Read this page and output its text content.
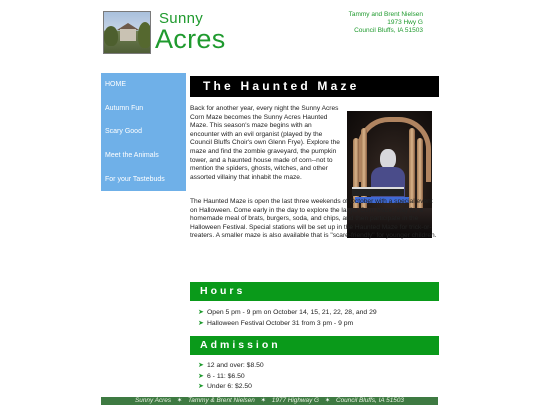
Sunny
Acres
Tammy and Brent Nielsen
1973 Hwy G
Council Bluffs, IA 51503
HOME
Autumn Fun
Scary Good
Meet the Animals
For your Tastebuds
The Haunted Maze
Back for another year, every night the Sunny Acres Corn Maze becomes the Sunny Acres Haunted Maze. This season's maze begins with an encounter with an evil organist (played by the Council Bluffs Choir's own Glenn Frye). Explore the maze and find the zombie graveyard, the pumpkin tower, and a haunted house made of corn--not to mention the spiders, ghosts, witches, and other assorted villainy that inhabit the maze.
The Haunted Maze is open the last three weekends of October with a special event on Halloween. Come early in the day to explore the larger Corn Maze, stay for a homemade meal of brats, burgers, soda, and chips, and then participate in the Halloween Festival. Special stations will be set up in the Haunted Maze for trick-or-treaters. A smaller maze is also available that is "scare-friendly" for younger children.
Hours
➤ Open 5 pm - 9 pm on October 14, 15, 21, 22, 28, and 29
➤ Halloween Festival October 31 from 3 pm - 9 pm
Admission
➤ 12 and over: $8.50
➤ 6 - 11: $6.50
➤ Under 6: $2.50
Sunny Acres ✶ Tammy & Brent Nielsen ✶ 1977 Highway G ✶ Council Bluffs, IA 51503
